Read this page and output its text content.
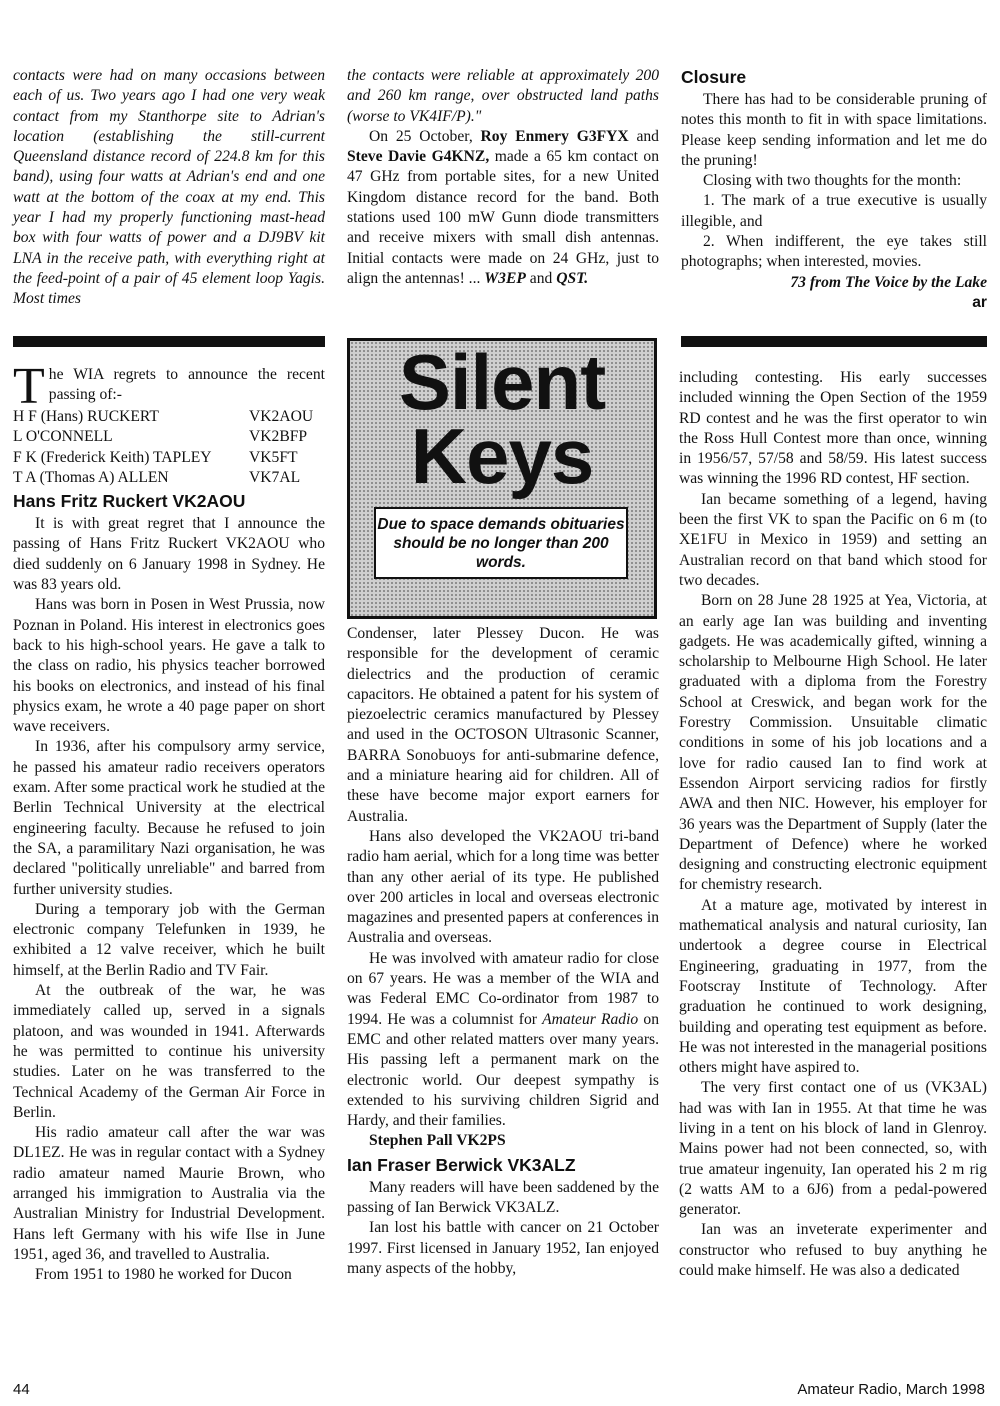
contacts were had on many occasions between each of us. Two years ago I had one very weak contact from my Stanthorpe site to Adrian's location (establishing the still-current Queensland distance record of 224.8 km for this band), using four watts at Adrian's end and one watt at the bottom of the coax at my end. This year I had my properly functioning mast-head box with four watts of power and a DJ9BV kit LNA in the receive path, with everything right at the feed-point of a pair of 45 element loop Yagis. Most times

the contacts were reliable at approximately 200 and 260 km range, over obstructed land paths (worse to VK4IF/P)."

On 25 October, Roy Enmery G3FYX and Steve Davie G4KNZ, made a 65 km contact on 47 GHz from portable sites, for a new United Kingdom distance record for the band. Both stations used 100 mW Gunn diode transmitters and receive mixers with small dish antennas. Initial contacts were made on 24 GHz, just to align the antennas! ... W3EP and QST.

Closure

There has had to be considerable pruning of notes this month to fit in with space limitations. Please keep sending information and let me do the pruning!

Closing with two thoughts for the month:

1. The mark of a true executive is usually illegible, and

2. When indifferent, the eye takes still photographs; when interested, movies.

73 from The Voice by the Lake

ar

Silent
Keys
Due to space demands obituaries should be no longer than 200 words.

The WIA regrets to announce the recent passing of:-

H F (Hans) RUCKERT	VK2AOU

L O'CONNELL	VK2BFP

F K (Frederick Keith) TAPLEY VK5FT

T A (Thomas A) ALLEN	VK7AL

Hans Fritz Ruckert VK2AOU

It is with great regret that I announce the passing of Hans Fritz Ruckert VK2AOU who died suddenly on 6 January 1998 in Sydney. He was 83 years old.

Hans was born in Posen in West Prussia, now Poznan in Poland. His interest in electronics goes back to his high-school years. He gave a talk to the class on radio, his physics teacher borrowed his books on electronics, and instead of his final physics exam, he wrote a 40 page paper on short wave receivers.

In 1936, after his compulsory army service, he passed his amateur radio receivers operators exam. After some practical work he studied at the Berlin Technical University at the electrical engineering faculty. Because he refused to join the SA, a paramilitary Nazi organisation, he was declared "politically unreliable" and barred from further university studies.

During a temporary job with the German electronic company Telefunken in 1939, he exhibited a 12 valve receiver, which he built himself, at the Berlin Radio and TV Fair.

At the outbreak of the war, he was immediately called up, served in a signals platoon, and was wounded in 1941. Afterwards he was permitted to continue his university studies. Later on he was transferred to the Technical Academy of the German Air Force in Berlin.

His radio amateur call after the war was DL1EZ. He was in regular contact with a Sydney radio amateur named Maurie Brown, who arranged his immigration to Australia via the Australian Ministry for Industrial Development. Hans left Germany with his wife Ilse in June 1951, aged 36, and travelled to Australia.

From 1951 to 1980 he worked for Ducon

Condenser, later Plessey Ducon. He was responsible for the development of ceramic dielectrics and the production of ceramic capacitors. He obtained a patent for his system of piezoelectric ceramics manufactured by Plessey and used in the OCTOSON Ultrasonic Scanner, BARRA Sonobuoys for anti-submarine defence, and a miniature hearing aid for children. All of these have become major export earners for Australia.

Hans also developed the VK2AOU tri-band radio ham aerial, which for a long time was better than any other aerial of its type. He published over 200 articles in local and overseas electronic magazines and presented papers at conferences in Australia and overseas.

He was involved with amateur radio for close on 67 years. He was a member of the WIA and was Federal EMC Co-ordinator from 1987 to 1994. He was a columnist for Amateur Radio on EMC and other related matters over many years. His passing left a permanent mark on the electronic world. Our deepest sympathy is extended to his surviving children Sigrid and Hardy, and their families.

Stephen Pall VK2PS

Ian Fraser Berwick VK3ALZ

Many readers will have been saddened by the passing of Ian Berwick VK3ALZ.

Ian lost his battle with cancer on 21 October 1997. First licensed in January 1952, Ian enjoyed many aspects of the hobby,

including contesting. His early successes included winning the Open Section of the 1959 RD contest and he was the first operator to win the Ross Hull Contest more than once, winning in 1956/57, 57/58 and 58/59. His latest success was winning the 1996 RD contest, HF section.

Ian became something of a legend, having been the first VK to span the Pacific on 6 m (to XE1FU in Mexico in 1959) and setting an Australian record on that band which stood for two decades.

Born on 28 June 28 1925 at Yea, Victoria, at an early age Ian was building and inventing gadgets. He was academically gifted, winning a scholarship to Melbourne High School. He later graduated with a diploma from the Forestry School at Creswick, and began work for the Forestry Commission. Unsuitable climatic conditions in some of his job locations and a love for radio caused Ian to find work at Essendon Airport servicing radios for firstly AWA and then NIC. However, his employer for 36 years was the Department of Supply (later the Department of Defence) where he worked designing and constructing electronic equipment for chemistry research.

At a mature age, motivated by interest in mathematical analysis and natural curiosity, Ian undertook a degree course in Electrical Engineering, graduating in 1977, from the Footscray Institute of Technology. After graduation he continued to work designing, building and operating test equipment as before. He was not interested in the managerial positions others might have aspired to.

The very first contact one of us (VK3AL) had was with Ian in 1955. At that time he was living in a tent on his block of land in Glenroy. Mains power had not been connected, so, with true amateur ingenuity, Ian operated his 2 m rig (2 watts AM to a 6J6) from a pedal-powered generator.

Ian was an inveterate experimenter and constructor who refused to buy anything he could make himself. He was also a dedicated

44	Amateur Radio, March 1998
